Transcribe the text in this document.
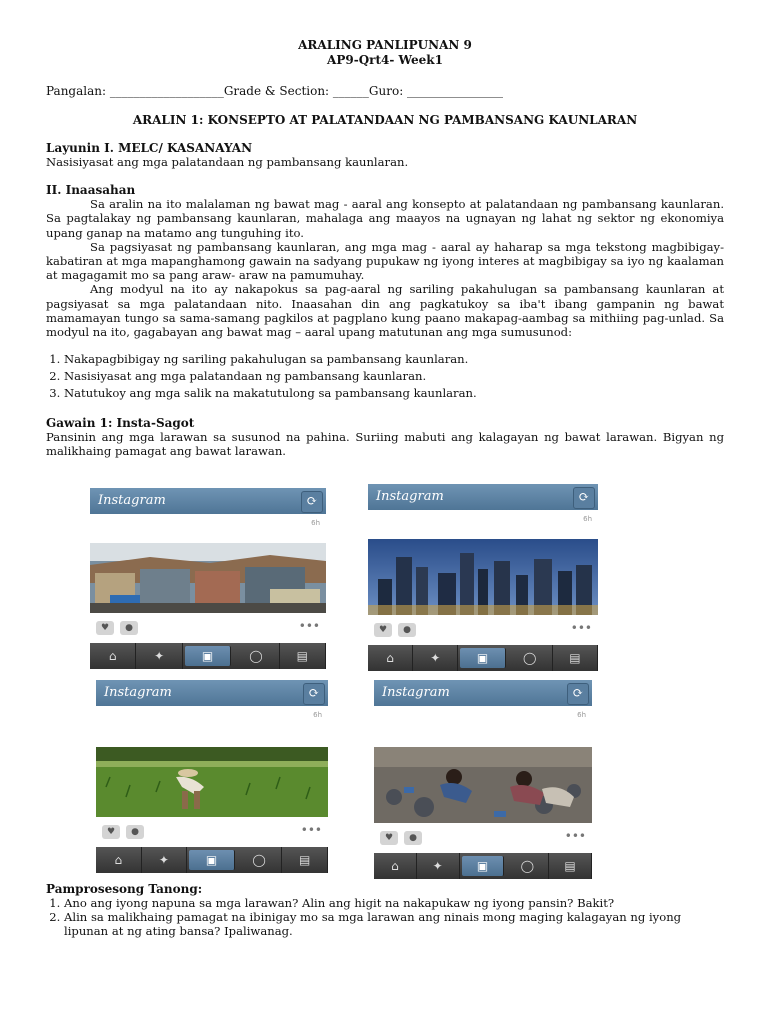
ARALING PANLIPUNAN 9
AP9-Qrt4- Week1
Pangalan: ___________________Grade & Section: ______Guro: ________________
ARALIN 1: KONSEPTO AT PALATANDAAN NG PAMBANSANG KAUNLARAN
Layunin I. MELC/ KASANAYAN

Nasisiyasat ang mga palatandaan ng pambansang kaunlaran.

II. Inaasahan

Sa aralin na ito malalaman ng bawat mag - aaral ang konsepto at palatandaan ng pambansang kaunlaran. Sa pagtalakay ng pambansang kaunlaran, mahalaga ang maayos na ugnayan ng lahat ng sektor ng ekonomiya upang ganap na matamo ang tunguhing ito.

Sa pagsiyasat ng pambansang kaunlaran, ang mga mag - aaral ay haharap sa mga tekstong magbibigay-kabatiran at mga mapanghamong gawain na sadyang pupukaw ng iyong interes at magbibigay sa iyo ng kaalaman at magagamit mo sa pang araw- araw na pamumuhay.

Ang modyul na ito ay nakapokus sa pag-aaral ng sariling pakahulugan sa pambansang kaunlaran at pagsiyasat sa mga palatandaan nito. Inaasahan din ang pagkatukoy sa iba't ibang gampanin ng bawat mamamayan tungo sa sama-samang pagkilos at pagplano kung paano makapag-aambag sa mithiing pag-unlad. Sa modyul na ito, gagabayan ang bawat mag – aaral upang matutunan ang mga sumusunod:

1. Nakapagbibigay ng sariling pakahulugan sa pambansang kaunlaran.
2. Nasisiyasat ang mga palatandaan ng pambansang kaunlaran.
3. Natutukoy ang mga salik na makatutulong sa pambansang kaunlaran.
Gawain 1: Insta-Sagot

Pansinin ang mga larawan sa susunod na pahina. Suriing mabuti ang kalagayan ng bawat larawan. Bigyan ng malikhaing pamagat ang bawat larawan.

Instagram	⟳
6h
♥	●	•••
⌂	✦	▣	◯	▤
Instagram	⟳
6h
♥	●	•••
⌂	✦	▣	◯	▤
Instagram	⟳
6h
♥	●	•••
⌂	✦	▣	◯	▤
Instagram	⟳
6h
♥	●	•••
⌂	✦	▣	◯	▤
Pamprosesong Tanong:
1. Ano ang iyong napuna sa mga larawan? Alin ang higit na nakapukaw ng iyong pansin? Bakit?
2. Alin sa malikhaing pamagat na ibinigay mo sa mga larawan ang ninais mong maging kalagayan ng iyong lipunan at ng ating bansa? Ipaliwanag.
